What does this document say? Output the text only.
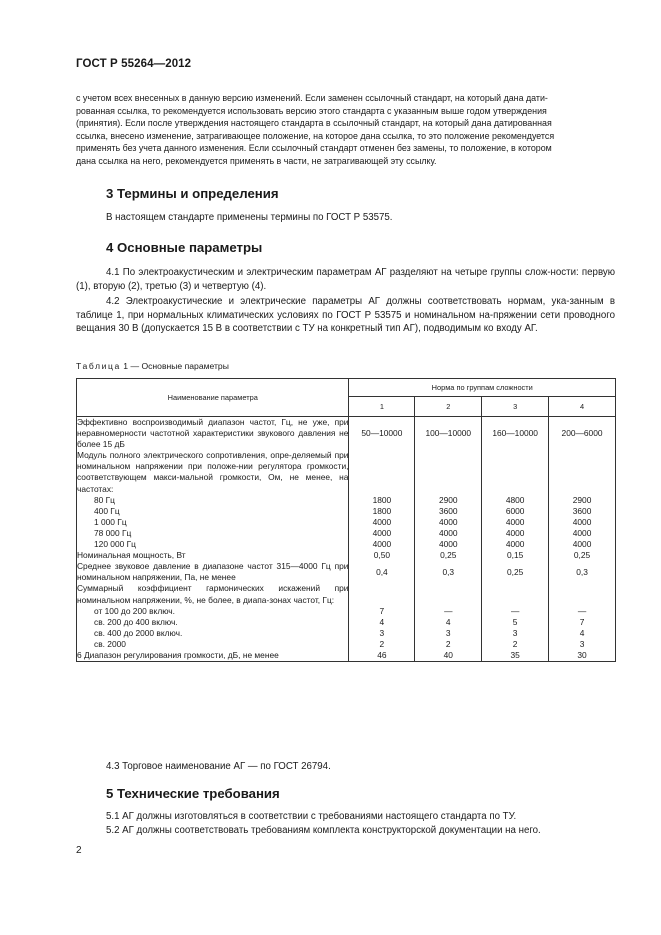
ГОСТ Р 55264—2012
с учетом всех внесенных в данную версию изменений. Если заменен ссылочный стандарт, на который дана дати-
рованная ссылка, то рекомендуется использовать версию этого стандарта с указанным выше годом утверждения
(принятия). Если после утверждения настоящего стандарта в ссылочный стандарт, на который дана датированная
ссылка, внесено изменение, затрагивающее положение, на которое дана ссылка, то это положение рекомендуется
применять без учета данного изменения. Если ссылочный стандарт отменен без замены, то положение, в котором
дана ссылка на него, рекомендуется применять в части, не затрагивающей эту ссылку.
3 Термины и определения
В настоящем стандарте применены термины по ГОСТ Р 53575.
4 Основные параметры
4.1 По электроакустическим и электрическим параметрам АГ разделяют на четыре группы слож-ности: первую (1), вторую (2), третью (3) и четвертую (4).
4.2 Электроакустические и электрические параметры АГ должны соответствовать нормам, ука-занным в таблице 1, при нормальных климатических условиях по ГОСТ Р 53575 и номинальном на-пряжении сети проводного вещания 30 В (допускается 15 В в соответствии с ТУ на конкретный тип АГ), подводимым ко входу АГ.
Таблица 1 — Основные параметры
Наименование параметра	Норма по группам сложности			
	1	2	3	4
Эффективно воспроизводимый диапазон частот, Гц, не уже, при неравномерности частотной характеристики звукового давления не более 15 дБ	50—10000	100—10000	160—10000	200—6000
Модуль полного электрического сопротивления, опре-деляемый при номинальном напряжении при положе-нии регулятора громкости, соответствующем макси-мальной громкости, Ом, не менее, на частотах:				
80 Гц	1800	2900	4800	2900
400 Гц	1800	3600	6000	3600
1 000 Гц	4000	4000	4000	4000
78 000 Гц	4000	4000	4000	4000
120 000 Гц	4000	4000	4000	4000
Номинальная мощность, Вт	0,50	0,25	0,15	0,25
Среднее звуковое давление в диапазоне частот 315—4000 Гц при номинальном напряжении, Па, не менее	0,4	0,3	0,25	0,3
Суммарный коэффициент гармонических искажений при номинальном напряжении, %, не более, в диапа-зонах частот, Гц:				
от 100 до 200 включ.	7	—	—	—
св. 200 до 400 включ.	4	4	5	7
св. 400 до 2000 включ.	3	3	3	4
св. 2000	2	2	2	3
6 Диапазон регулирования громкости, дБ, не менее	46	40	35	30
4.3 Торговое наименование АГ — по ГОСТ 26794.
5 Технические требования
5.1 АГ должны изготовляться в соответствии с требованиями настоящего стандарта по ТУ.
5.2 АГ должны соответствовать требованиям комплекта конструкторской документации на него.
2
